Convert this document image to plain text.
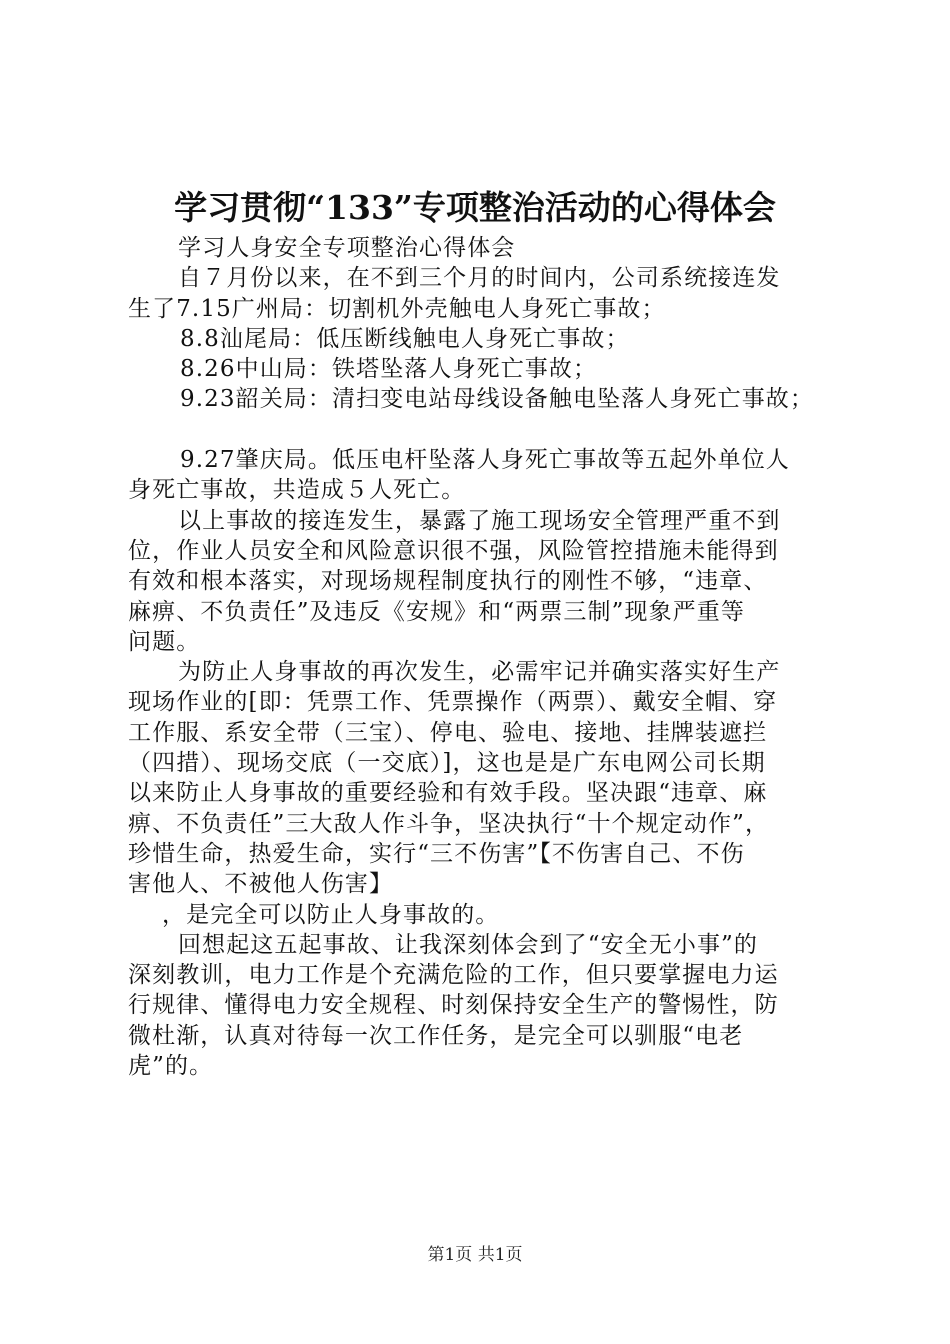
学习贯彻“133”专项整治活动的心得体会
学习人身安全专项整治心得体会
自７月份以来，在不到三个月的时间内，公司系统接连发
生了7.15广州局：切割机外壳触电人身死亡事故；
8.8汕尾局：低压断线触电人身死亡事故；
8.26中山局：铁塔坠落人身死亡事故；
9.23韶关局：清扫变电站母线设备触电坠落人身死亡事故；
9.27肇庆局。低压电杆坠落人身死亡事故等五起外单位人
身死亡事故，共造成５人死亡。
以上事故的接连发生，暴露了施工现场安全管理严重不到
位，作业人员安全和风险意识很不强，风险管控措施未能得到
有效和根本落实，对现场规程制度执行的刚性不够，“违章、
麻痹、不负责任”及违反《安规》和“两票三制”现象严重等
问题。
为防止人身事故的再次发生，必需牢记并确实落实好生产
现场作业的[即：凭票工作、凭票操作（两票）、戴安全帽、穿
工作服、系安全带（三宝）、停电、验电、接地、挂牌装遮拦
（四措）、现场交底（一交底）]，这也是是广东电网公司长期
以来防止人身事故的重要经验和有效手段。坚决跟“违章、麻
痹、不负责任”三大敌人作斗争，坚决执行“十个规定动作”，
珍惜生命，热爱生命，实行“三不伤害”【不伤害自己、不伤
害他人、不被他人伤害】
，是完全可以防止人身事故的。
回想起这五起事故、让我深刻体会到了“安全无小事”的
深刻教训，电力工作是个充满危险的工作，但只要掌握电力运
行规律、懂得电力安全规程、时刻保持安全生产的警惕性，防
微杜渐，认真对待每一次工作任务，是完全可以驯服“电老
虎”的。
第1页 共1页
